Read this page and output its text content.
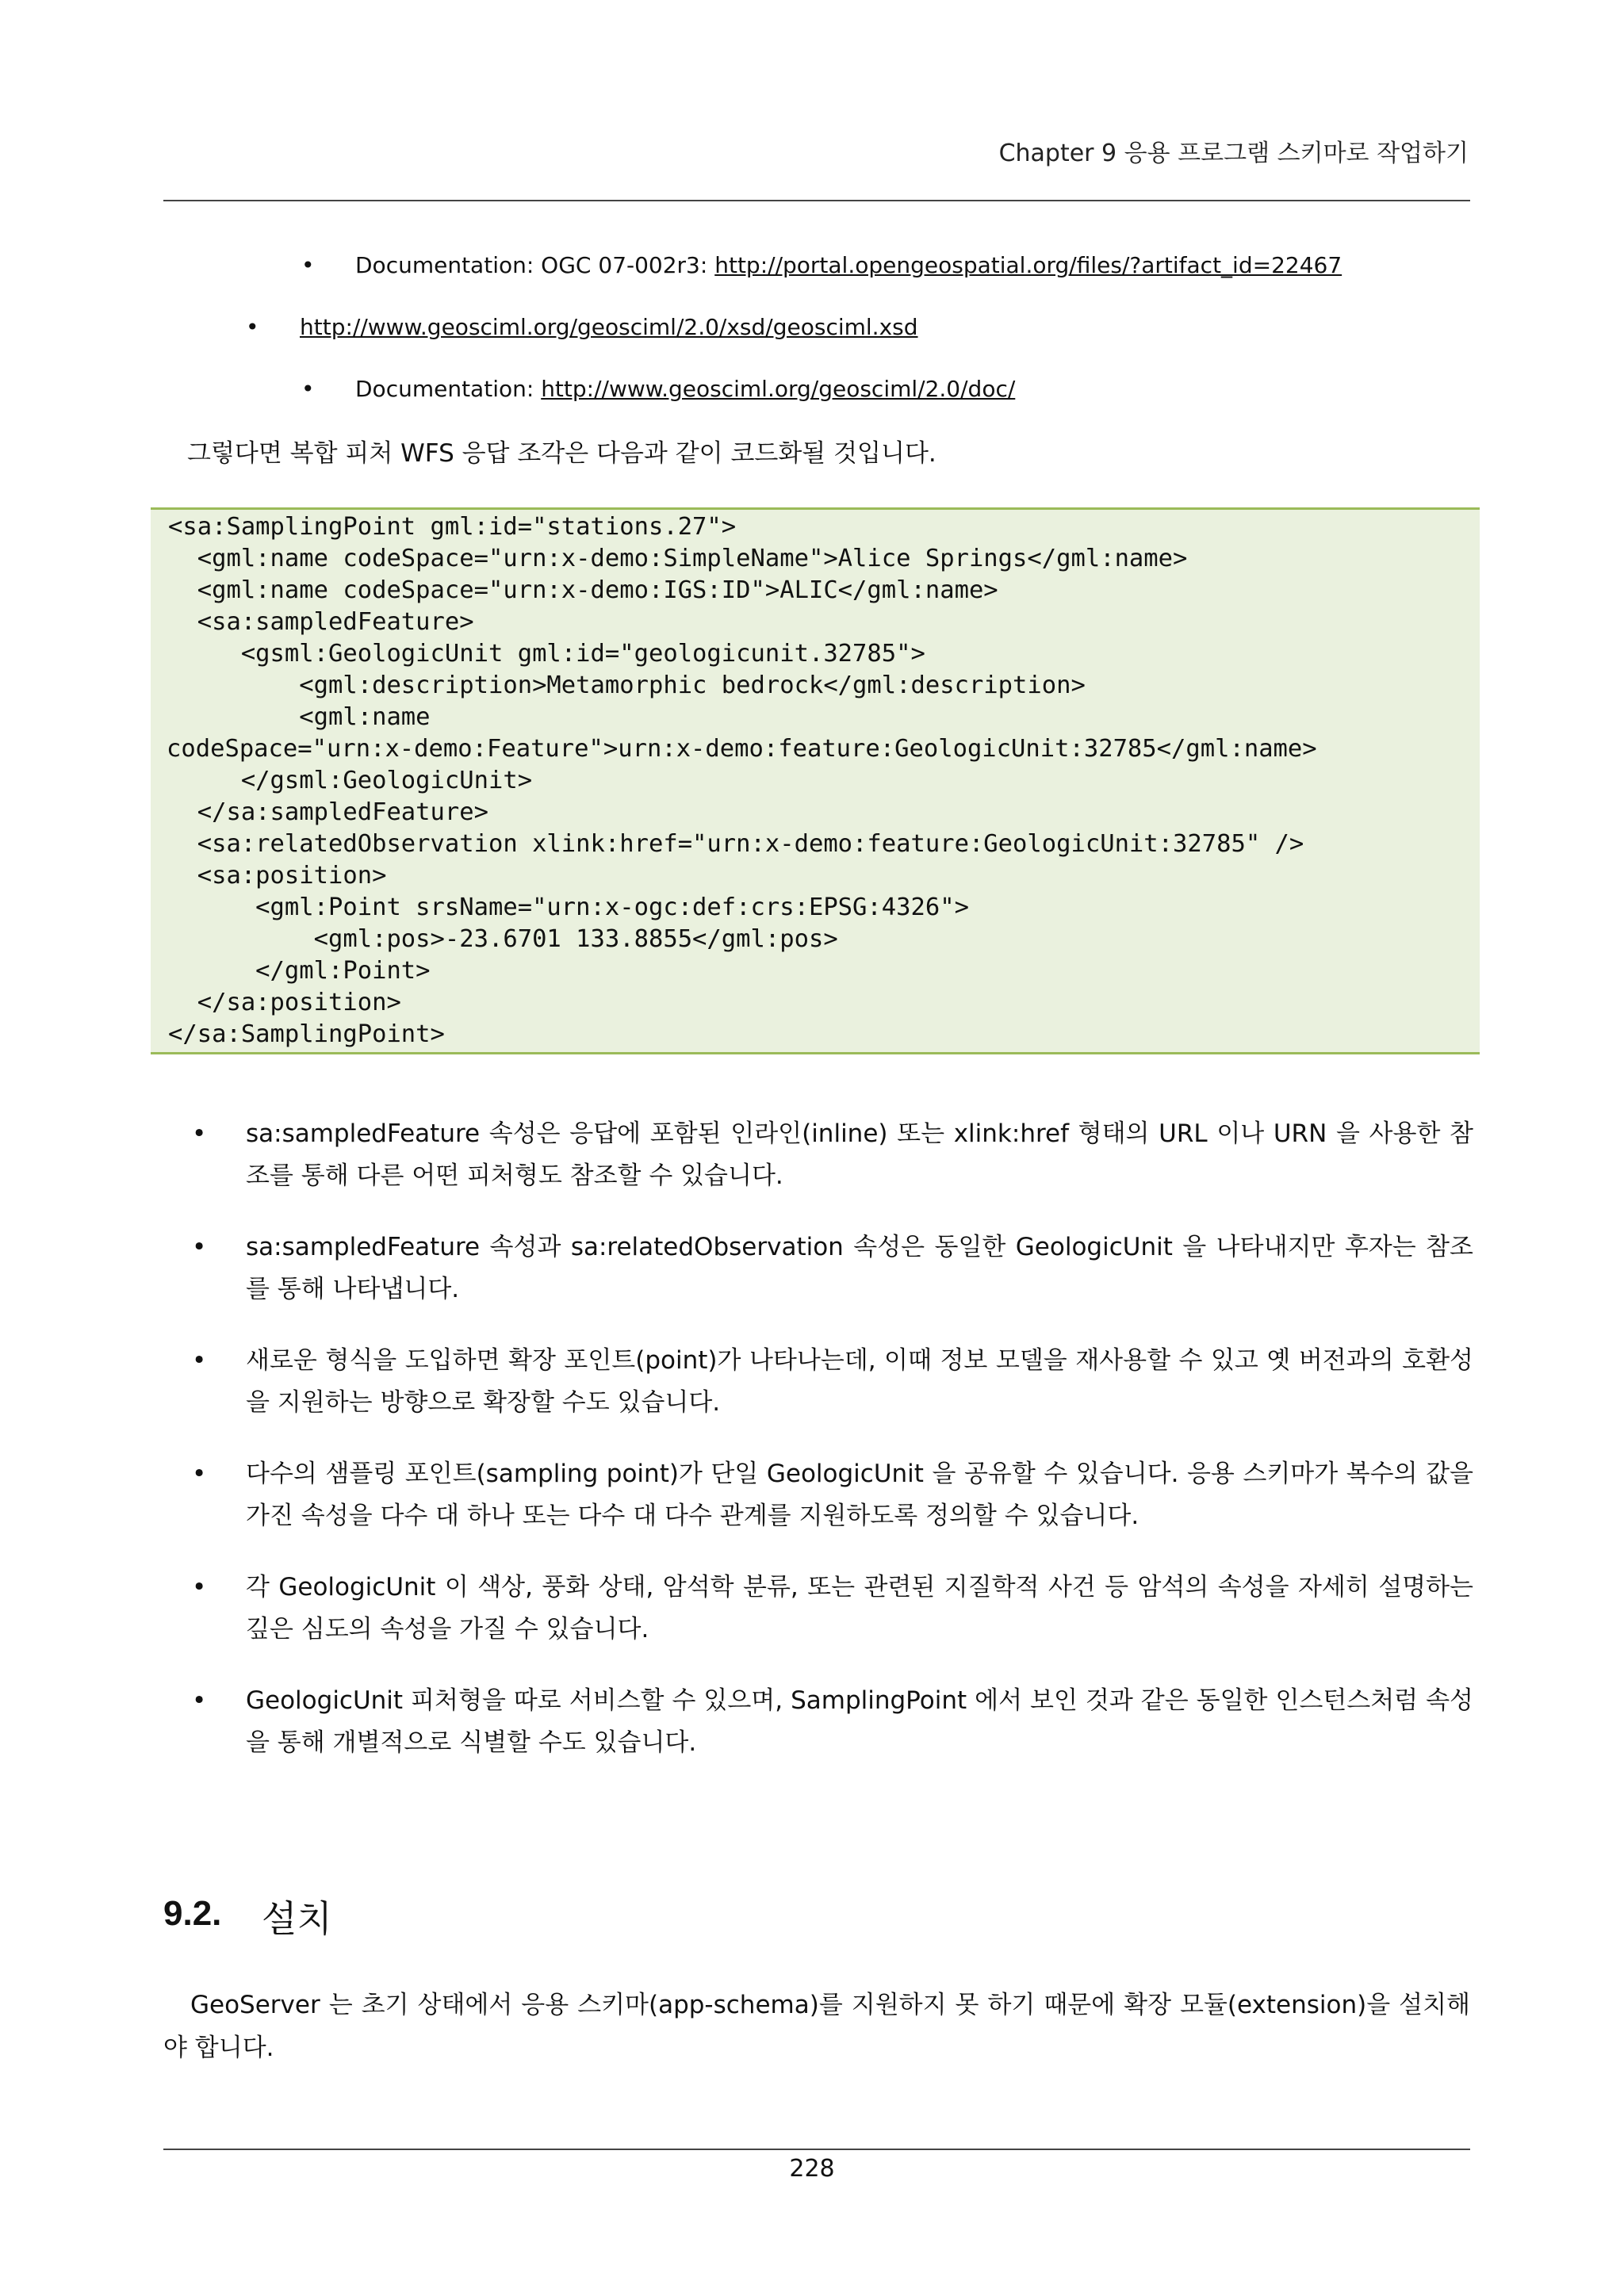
Chapter 9 응용 프로그램 스키마로 작업하기
• Documentation: OGC 07-002r3: http://portal.opengeospatial.org/files/?artifact_id=22467
• http://www.geosciml.org/geosciml/2.0/xsd/geosciml.xsd
• Documentation: http://www.geosciml.org/geosciml/2.0/doc/
그렇다면 복합 피처 WFS 응답 조각은 다음과 같이 코드화될 것입니다.
<sa:SamplingPoint gml:id="stations.27">
<gml:name codeSpace="urn:x-demo:SimpleName">Alice Springs</gml:name>
<gml:name codeSpace="urn:x-demo:IGS:ID">ALIC</gml:name>
<sa:sampledFeature>
<gsml:GeologicUnit gml:id="geologicunit.32785">
<gml:description>Metamorphic bedrock</gml:description>
<gml:name
codeSpace="urn:x-demo:Feature">urn:x-demo:feature:GeologicUnit:32785</gml:name>
</gsml:GeologicUnit>
</sa:sampledFeature>
<sa:relatedObservation xlink:href="urn:x-demo:feature:GeologicUnit:32785" />
<sa:position>
<gml:Point srsName="urn:x-ogc:def:crs:EPSG:4326">
<gml:pos>-23.6701 133.8855</gml:pos>
</gml:Point>
</sa:position>
</sa:SamplingPoint>
• sa:sampledFeature 속성은 응답에 포함된 인라인(inline) 또는 xlink:href 형태의 URL 이나 URN 을 사용한 참조를 통해 다른 어떤 피처형도 참조할 수 있습니다.
• sa:sampledFeature 속성과 sa:relatedObservation 속성은 동일한 GeologicUnit 을 나타내지만 후자는 참조를 통해 나타냅니다.
• 새로운 형식을 도입하면 확장 포인트(point)가 나타나는데, 이때 정보 모델을 재사용할 수 있고 옛 버전과의 호환성을 지원하는 방향으로 확장할 수도 있습니다.
• 다수의 샘플링 포인트(sampling point)가 단일 GeologicUnit 을 공유할 수 있습니다. 응용 스키마가 복수의 값을 가진 속성을 다수 대 하나 또는 다수 대 다수 관계를 지원하도록 정의할 수 있습니다.
• 각 GeologicUnit 이 색상, 풍화 상태, 암석학 분류, 또는 관련된 지질학적 사건 등 암석의 속성을 자세히 설명하는 깊은 심도의 속성을 가질 수 있습니다.
• GeologicUnit 피처형을 따로 서비스할 수 있으며, SamplingPoint 에서 보인 것과 같은 동일한 인스턴스처럼 속성을 통해 개별적으로 식별할 수도 있습니다.
9.2. 설치
GeoServer 는 초기 상태에서 응용 스키마(app-schema)를 지원하지 못 하기 때문에 확장 모듈(extension)을 설치해야 합니다.
228
